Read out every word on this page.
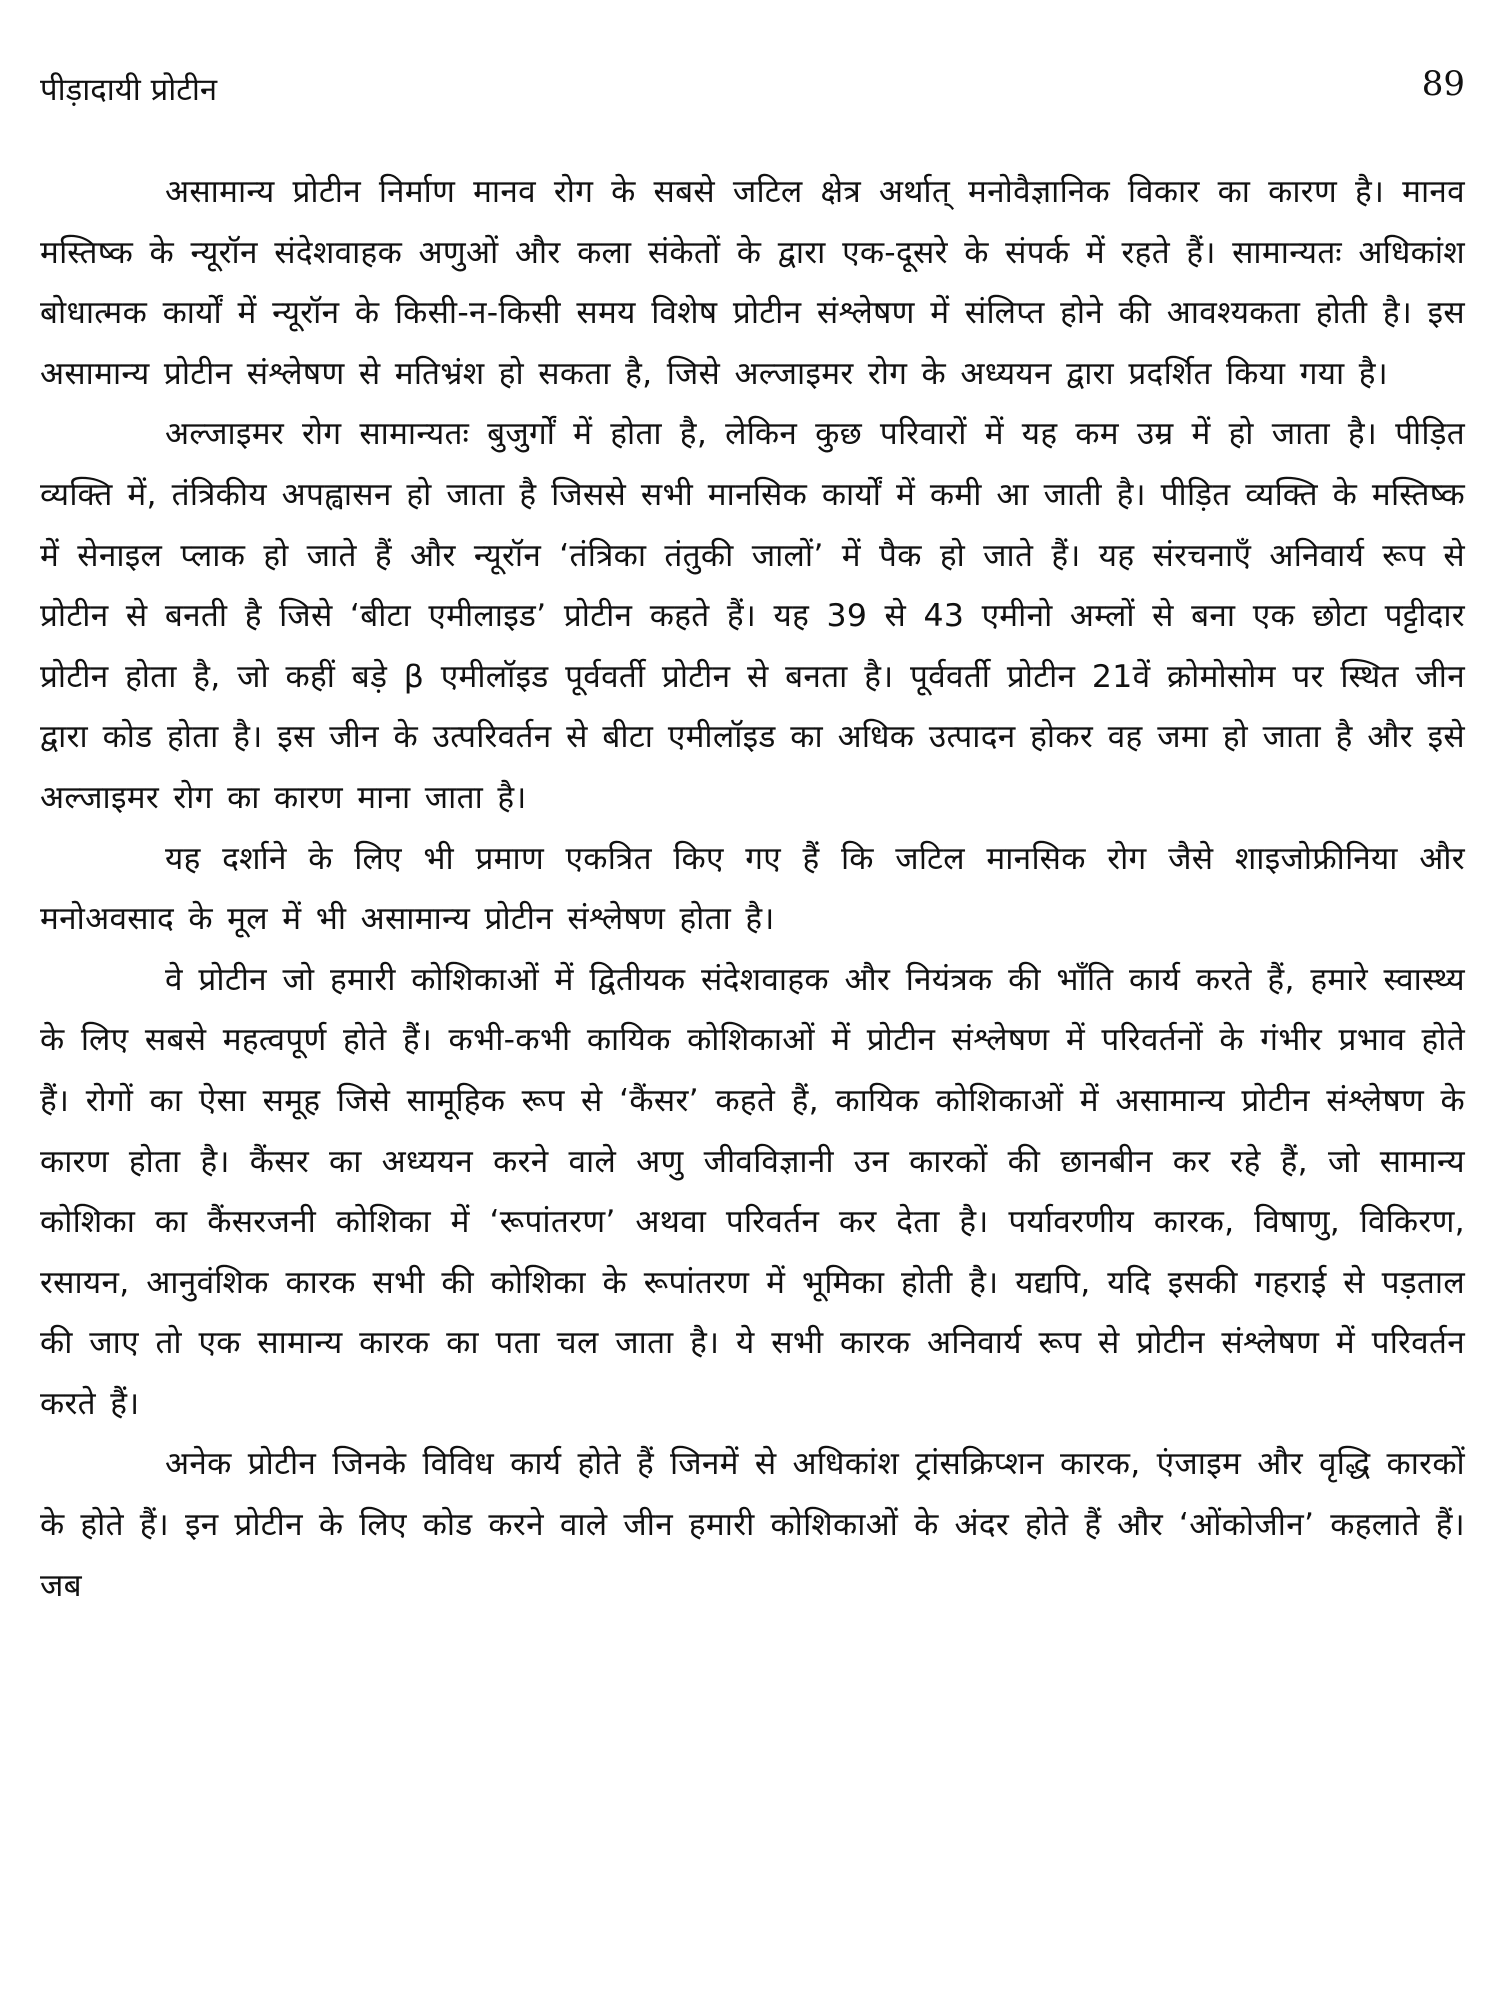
पीड़ादायी प्रोटीन	89

असामान्य प्रोटीन निर्माण मानव रोग के सबसे जटिल क्षेत्र अर्थात् मनोवैज्ञानिक विकार का कारण है। मानव मस्तिष्क के न्यूरॉन संदेशवाहक अणुओं और कला संकेतों के द्वारा एक-दूसरे के संपर्क में रहते हैं। सामान्यतः अधिकांश बोधात्मक कार्यों में न्यूरॉन के किसी-न-किसी समय विशेष प्रोटीन संश्लेषण में संलिप्त होने की आवश्यकता होती है। इस असामान्य प्रोटीन संश्लेषण से मतिभ्रंश हो सकता है, जिसे अल्जाइमर रोग के अध्ययन द्वारा प्रदर्शित किया गया है।

अल्जाइमर रोग सामान्यतः बुजुर्गों में होता है, लेकिन कुछ परिवारों में यह कम उम्र में हो जाता है। पीड़ित व्यक्ति में, तंत्रिकीय अपह्वासन हो जाता है जिससे सभी मानसिक कार्यों में कमी आ जाती है। पीड़ित व्यक्ति के मस्तिष्क में सेनाइल प्लाक हो जाते हैं और न्यूरॉन ‘तंत्रिका तंतुकी जालों’ में पैक हो जाते हैं। यह संरचनाएँ अनिवार्य रूप से प्रोटीन से बनती है जिसे ‘बीटा एमीलाइड’ प्रोटीन कहते हैं। यह 39 से 43 एमीनो अम्लों से बना एक छोटा पट्टीदार प्रोटीन होता है, जो कहीं बड़े β एमीलॉइड पूर्ववर्ती प्रोटीन से बनता है। पूर्ववर्ती प्रोटीन 21वें क्रोमोसोम पर स्थित जीन द्वारा कोड होता है। इस जीन के उत्परिवर्तन से बीटा एमीलॉइड का अधिक उत्पादन होकर वह जमा हो जाता है और इसे अल्जाइमर रोग का कारण माना जाता है।

यह दर्शाने के लिए भी प्रमाण एकत्रित किए गए हैं कि जटिल मानसिक रोग जैसे शाइजोफ्रीनिया और मनोअवसाद के मूल में भी असामान्य प्रोटीन संश्लेषण होता है।

वे प्रोटीन जो हमारी कोशिकाओं में द्वितीयक संदेशवाहक और नियंत्रक की भाँति कार्य करते हैं, हमारे स्वास्थ्य के लिए सबसे महत्वपूर्ण होते हैं। कभी-कभी कायिक कोशिकाओं में प्रोटीन संश्लेषण में परिवर्तनों के गंभीर प्रभाव होते हैं। रोगों का ऐसा समूह जिसे सामूहिक रूप से ‘कैंसर’ कहते हैं, कायिक कोशिकाओं में असामान्य प्रोटीन संश्लेषण के कारण होता है। कैंसर का अध्ययन करने वाले अणु जीवविज्ञानी उन कारकों की छानबीन कर रहे हैं, जो सामान्य कोशिका का कैंसरजनी कोशिका में ‘रूपांतरण’ अथवा परिवर्तन कर देता है। पर्यावरणीय कारक, विषाणु, विकिरण, रसायन, आनुवंशिक कारक सभी की कोशिका के रूपांतरण में भूमिका होती है। यद्यपि, यदि इसकी गहराई से पड़ताल की जाए तो एक सामान्य कारक का पता चल जाता है। ये सभी कारक अनिवार्य रूप से प्रोटीन संश्लेषण में परिवर्तन करते हैं।

अनेक प्रोटीन जिनके विविध कार्य होते हैं जिनमें से अधिकांश ट्रांसक्रिप्शन कारक, एंजाइम और वृद्धि कारकों के होते हैं। इन प्रोटीन के लिए कोड करने वाले जीन हमारी कोशिकाओं के अंदर होते हैं और ‘ओंकोजीन’ कहलाते हैं। जब
